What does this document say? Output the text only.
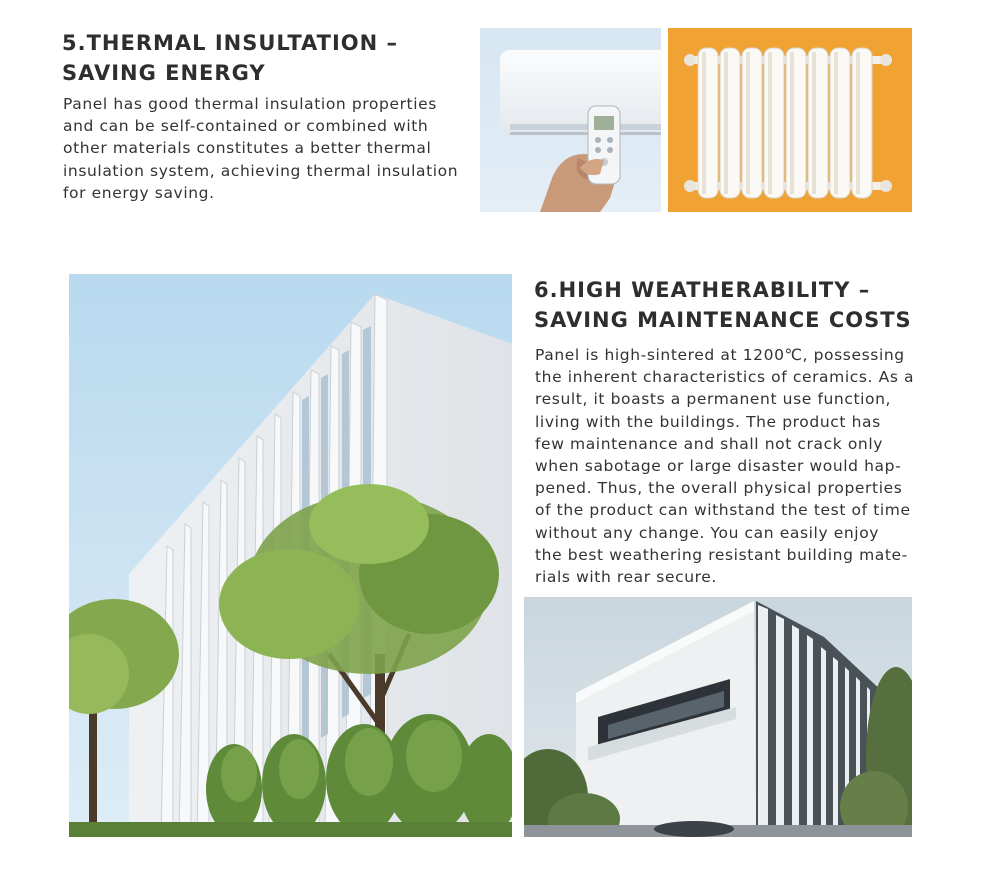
5.THERMAL INSULTATION –
SAVING ENERGY
Panel has good thermal insulation properties
and can be self-contained or combined with
other materials constitutes a better thermal
insulation system, achieving thermal insulation
for energy saving.
6.HIGH WEATHERABILITY –
SAVING MAINTENANCE COSTS
Panel is high-sintered at 1200℃, possessing
the inherent characteristics of ceramics. As a
result, it boasts a permanent use function,
living with the buildings. The product has
few maintenance and shall not crack only
when sabotage or large disaster would hap-
pened. Thus, the overall physical properties
of the product can withstand the test of time
without any change. You can easily enjoy
the best weathering resistant building mate-
rials with rear secure.
